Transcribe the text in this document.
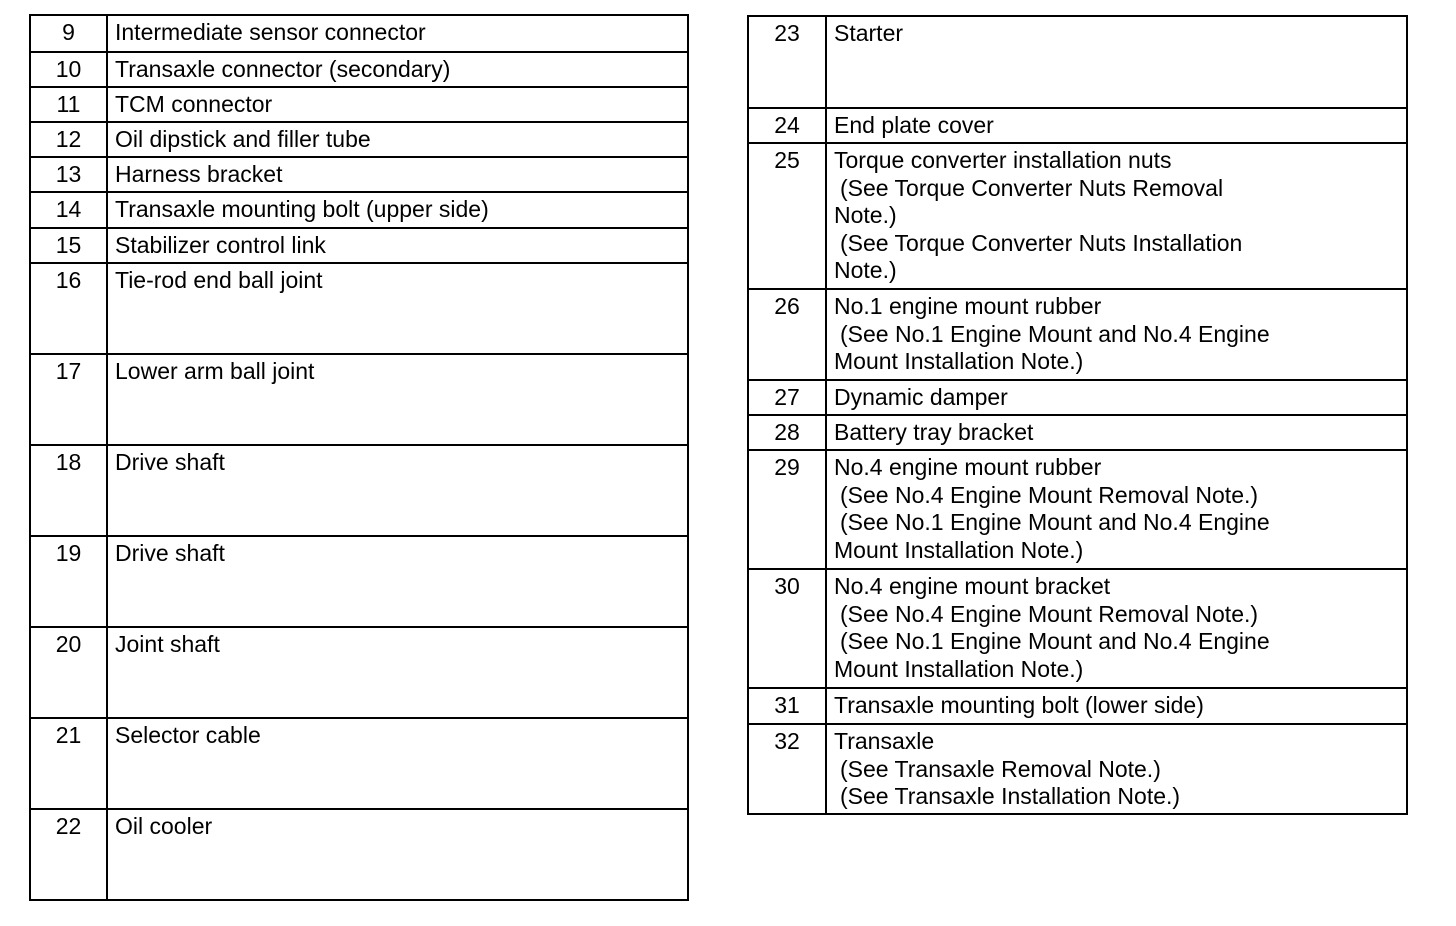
9	Intermediate sensor connector

10	Transaxle connector (secondary)

11	TCM connector

12	Oil dipstick and filler tube

13	Harness bracket

14	Transaxle mounting bolt (upper side)

15	Stabilizer control link

16	Tie-rod end ball joint

17	Lower arm ball joint

18	Drive shaft

19	Drive shaft

20	Joint shaft

21	Selector cable

22	Oil cooler
23	Starter

24	End plate cover

25	Torque converter installation nuts
(See Torque Converter Nuts Removal
Note.)
(See Torque Converter Nuts Installation
Note.)

26	No.1 engine mount rubber
(See No.1 Engine Mount and No.4 Engine
Mount Installation Note.)

27	Dynamic damper

28	Battery tray bracket

29	No.4 engine mount rubber
(See No.4 Engine Mount Removal Note.)
(See No.1 Engine Mount and No.4 Engine
Mount Installation Note.)

30	No.4 engine mount bracket
(See No.4 Engine Mount Removal Note.)
(See No.1 Engine Mount and No.4 Engine
Mount Installation Note.)

31	Transaxle mounting bolt (lower side)

32	Transaxle
(See Transaxle Removal Note.)
(See Transaxle Installation Note.)
